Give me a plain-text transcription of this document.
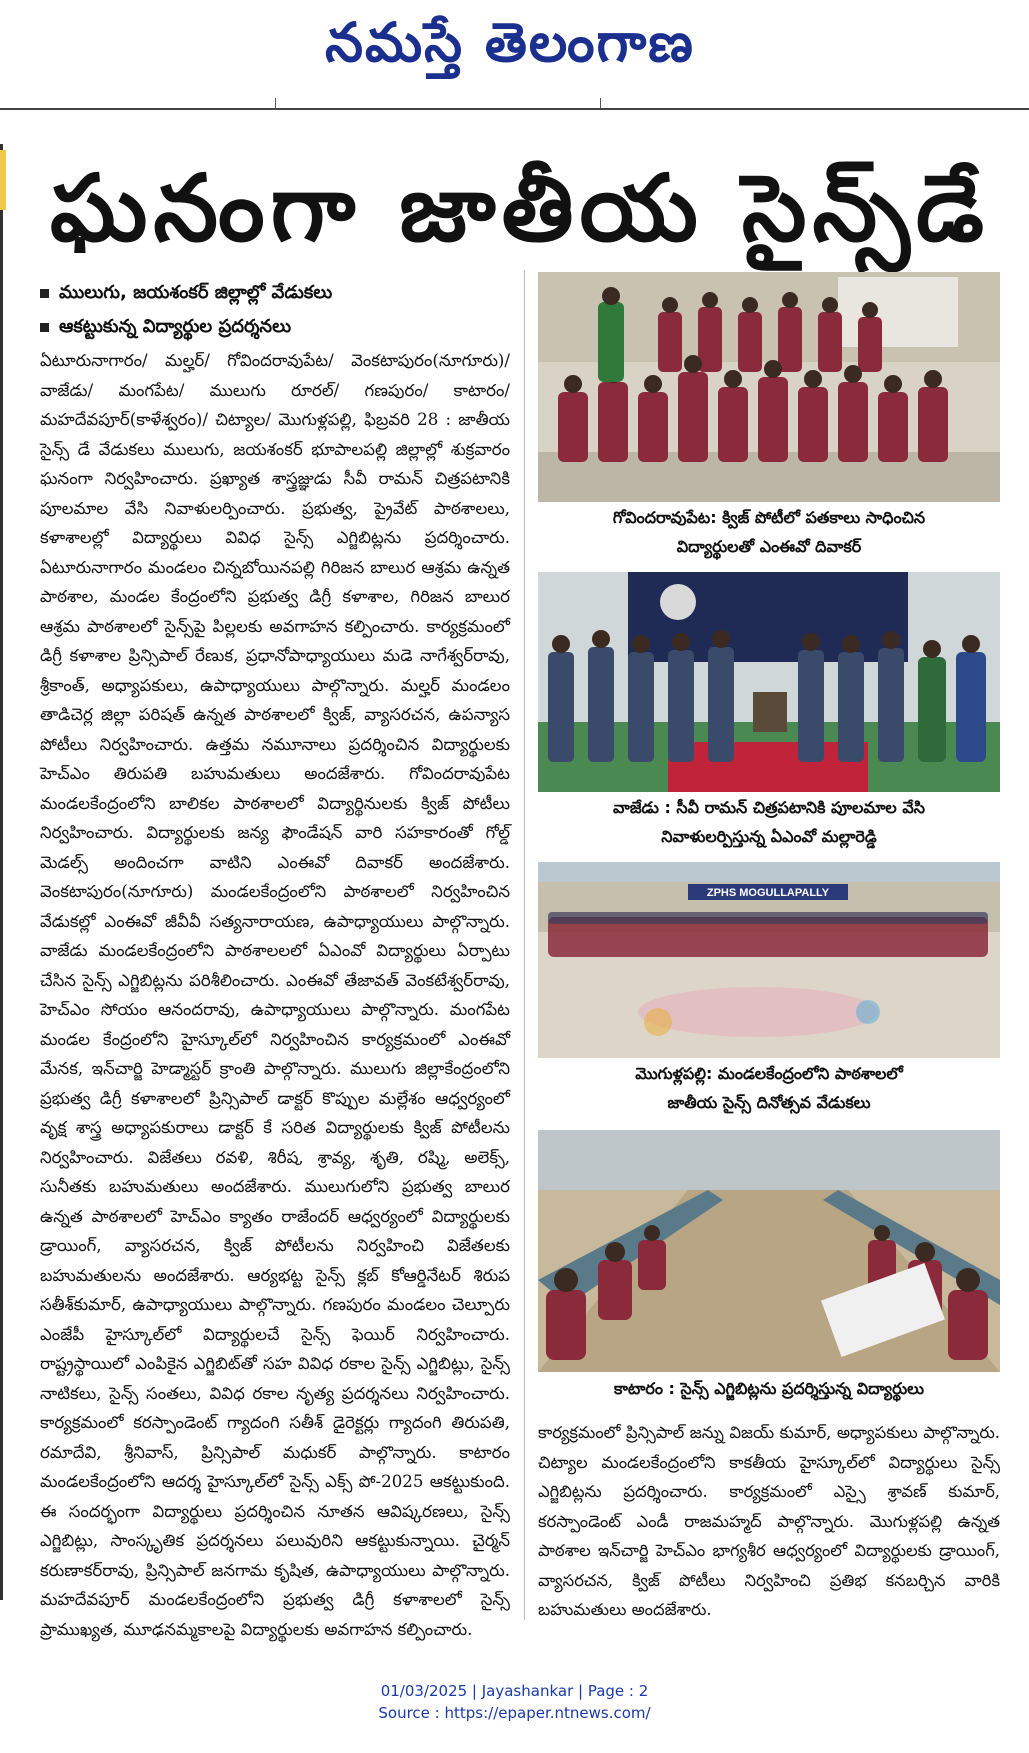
నమస్తే తెలంగాణ
ఘనంగా జాతీయ సైన్స్‌డే
ములుగు, జయశంకర్ జిల్లాల్లో వేడుకలు
ఆకట్టుకున్న విద్యార్థుల ప్రదర్శనలు
ఏటూరునాగారం/ మల్హర్/ గోవిందరావుపేట/ వెంకటాపురం(నూగూరు)/ వాజేడు/ మంగపేట/ ములుగు రూరల్/ గణపురం/ కాటారం/ మహదేవపూర్(కాళేశ్వరం)/ చిట్యాల/ మొగుళ్లపల్లి, ఫిబ్రవరి 28 : జాతీయ సైన్స్ డే వేడుకలు ములుగు, జయశంకర్ భూపాలపల్లి జిల్లాల్లో శుక్రవారం ఘనంగా నిర్వహించారు. ప్రఖ్యాత శాస్త్రజ్ఞుడు సీవీ రామన్ చిత్రపటానికి పూలమాల వేసి నివాళులర్పించారు. ప్రభుత్వ, ప్రైవేట్ పాఠశాలలు, కళాశాలల్లో విద్యార్థులు వివిధ సైన్స్ ఎగ్జిబిట్లను ప్రదర్శించారు. ఏటూరునాగారం మండలం చిన్నబోయినపల్లి గిరిజన బాలుర ఆశ్రమ ఉన్నత పాఠశాల, మండల కేంద్రంలోని ప్రభుత్వ డిగ్రీ కళాశాల, గిరిజన బాలుర ఆశ్రమ పాఠశాలలో సైన్స్‌పై పిల్లలకు అవగాహన కల్పించారు. కార్యక్రమంలో డిగ్రీ కళాశాల ప్రిన్సిపాల్ రేణుక, ప్రధానోపాధ్యాయులు మడె నాగేశ్వర్‌రావు, శ్రీకాంత్, అధ్యాపకులు, ఉపాధ్యాయులు పాల్గొన్నారు. మల్హర్ మండలం తాడిచెర్ల జిల్లా పరిషత్ ఉన్నత పాఠశాలలో క్విజ్, వ్యాసరచన, ఉపన్యాస పోటీలు నిర్వహించారు. ఉత్తమ నమూనాలు ప్రదర్శించిన విద్యార్థులకు హెచ్‌ఎం తిరుపతి బహుమతులు అందజేశారు. గోవిందరావుపేట మండలకేంద్రంలోని బాలికల పాఠశాలలో విద్యార్థినులకు క్విజ్ పోటీలు నిర్వహించారు. విద్యార్థులకు జన్య ఫౌండేషన్ వారి సహకారంతో గోల్డ్ మెడల్స్ అందించగా వాటిని ఎంఈవో దివాకర్ అందజేశారు. వెంకటాపురం(నూగూరు) మండలకేంద్రంలోని పాఠశాలలో నిర్వహించిన వేడుకల్లో ఎంఈవో జీవీవీ సత్యనారాయణ, ఉపాధ్యాయులు పాల్గొన్నారు. వాజేడు మండలకేంద్రంలోని పాఠశాలలలో ఏఎంవో విద్యార్థులు ఏర్పాటు చేసిన సైన్స్ ఎగ్జిబిట్లను పరిశీలించారు. ఎంఈవో తేజావత్ వెంకటేశ్వర్‌రావు, హెచ్‌ఎం సోయం ఆనందరావు, ఉపాధ్యాయులు పాల్గొన్నారు. మంగపేట మండల కేంద్రంలోని హైస్కూల్‌లో నిర్వహించిన కార్యక్రమంలో ఎంఈవో మేనక, ఇన్‌చార్జి హెడ్మాస్టర్ క్రాంతి పాల్గొన్నారు. ములుగు జిల్లాకేంద్రంలోని ప్రభుత్వ డిగ్రీ కళాశాలలో ప్రిన్సిపాల్ డాక్టర్ కొప్పుల మల్లేశం ఆధ్వర్యంలో వృక్ష శాస్త్ర అధ్యాపకురాలు డాక్టర్ కే సరిత విద్యార్థులకు క్విజ్ పోటీలను నిర్వహించారు. విజేతలు రవళి, శిరీష, శ్రావ్య, శృతి, రష్మి, అలెక్స్, సునీతకు బహుమతులు అందజేశారు. ములుగులోని ప్రభుత్వ బాలుర ఉన్నత పాఠశాలలో హెచ్‌ఎం క్యాతం రాజేందర్ ఆధ్వర్యంలో విద్యార్థులకు డ్రాయింగ్, వ్యాసరచన, క్విజ్ పోటీలను నిర్వహించి విజేతలకు బహుమతులను అందజేశారు. ఆర్యభట్ట సైన్స్ క్లబ్ కోఆర్డినేటర్ శిరుప సతీశ్‌కుమార్, ఉపాధ్యాయులు పాల్గొన్నారు. గణపురం మండలం చెల్పూరు ఎంజేపీ హైస్కూల్‌లో విద్యార్థులచే సైన్స్ ఫెయిర్ నిర్వహించారు. రాష్ట్రస్థాయిలో ఎంపికైన ఎగ్జిబిట్‌తో సహ వివిధ రకాల సైన్స్ ఎగ్జిబిట్లు, సైన్స్ నాటికలు, సైన్స్ సంతలు, వివిధ రకాల నృత్య ప్రదర్శనలు నిర్వహించారు. కార్యక్రమంలో కరస్పాండెంట్ గ్యాదంగి సతీశ్ డైరెక్టర్లు గ్యాదంగి తిరుపతి, రమాదేవి, శ్రీనివాస్, ప్రిన్సిపాల్ మధుకర్ పాల్గొన్నారు. కాటారం మండలకేంద్రంలోని ఆదర్శ హైస్కూల్‌లో సైన్స్ ఎక్స్ పో-2025 ఆకట్టుకుంది. ఈ సందర్భంగా విద్యార్థులు ప్రదర్శించిన నూతన ఆవిష్కరణలు, సైన్స్ ఎగ్జిబిట్లు, సాంస్కృతిక ప్రదర్శనలు పలువురిని ఆకట్టుకున్నాయి. చైర్మన్ కరుణాకర్‌రావు, ప్రిన్సిపాల్ జనగామ కృషిత, ఉపాధ్యాయులు పాల్గొన్నారు. మహదేవపూర్ మండలకేంద్రంలోని ప్రభుత్వ డిగ్రీ కళాశాలలో సైన్స్ ప్రాముఖ్యత, మూఢనమ్మకాలపై విద్యార్థులకు అవగాహన కల్పించారు.
గోవిందరావుపేట: క్విజ్ పోటీలో పతకాలు సాధించిన
విద్యార్థులతో ఎంఈవో దివాకర్
వాజేడు : సీవీ రామన్ చిత్రపటానికి పూలమాల వేసి
నివాళులర్పిస్తున్న ఏఎంవో మల్లారెడ్డి
ZPHS MOGULLAPALLY
మొగుళ్లపల్లి: మండలకేంద్రంలోని పాఠశాలలో
జాతీయ సైన్స్ దినోత్సవ వేడుకలు
కాటారం : సైన్స్ ఎగ్జిబిట్లను ప్రదర్శిస్తున్న విద్యార్థులు
కార్యక్రమంలో ప్రిన్సిపాల్ జన్ను విజయ్ కుమార్, అధ్యాపకులు పాల్గొన్నారు. చిట్యాల మండలకేంద్రంలోని కాకతీయ హైస్కూల్‌లో విద్యార్థులు సైన్స్ ఎగ్జిబిట్లను ప్రదర్శించారు. కార్యక్రమంలో ఎస్సై శ్రావణ్ కుమార్, కరస్పాండెంట్ ఎండీ రాజమహ్మద్ పాల్గొన్నారు. మొగుళ్లపల్లి ఉన్నత పాఠశాల ఇన్‌చార్జి హెచ్‌ఎం భాగ్యశీర ఆధ్వర్యంలో విద్యార్థులకు డ్రాయింగ్, వ్యాసరచన, క్విజ్ పోటీలు నిర్వహించి ప్రతిభ కనబర్చిన వారికి బహుమతులు అందజేశారు.
01/03/2025 | Jayashankar | Page : 2
Source : https://epaper.ntnews.com/
